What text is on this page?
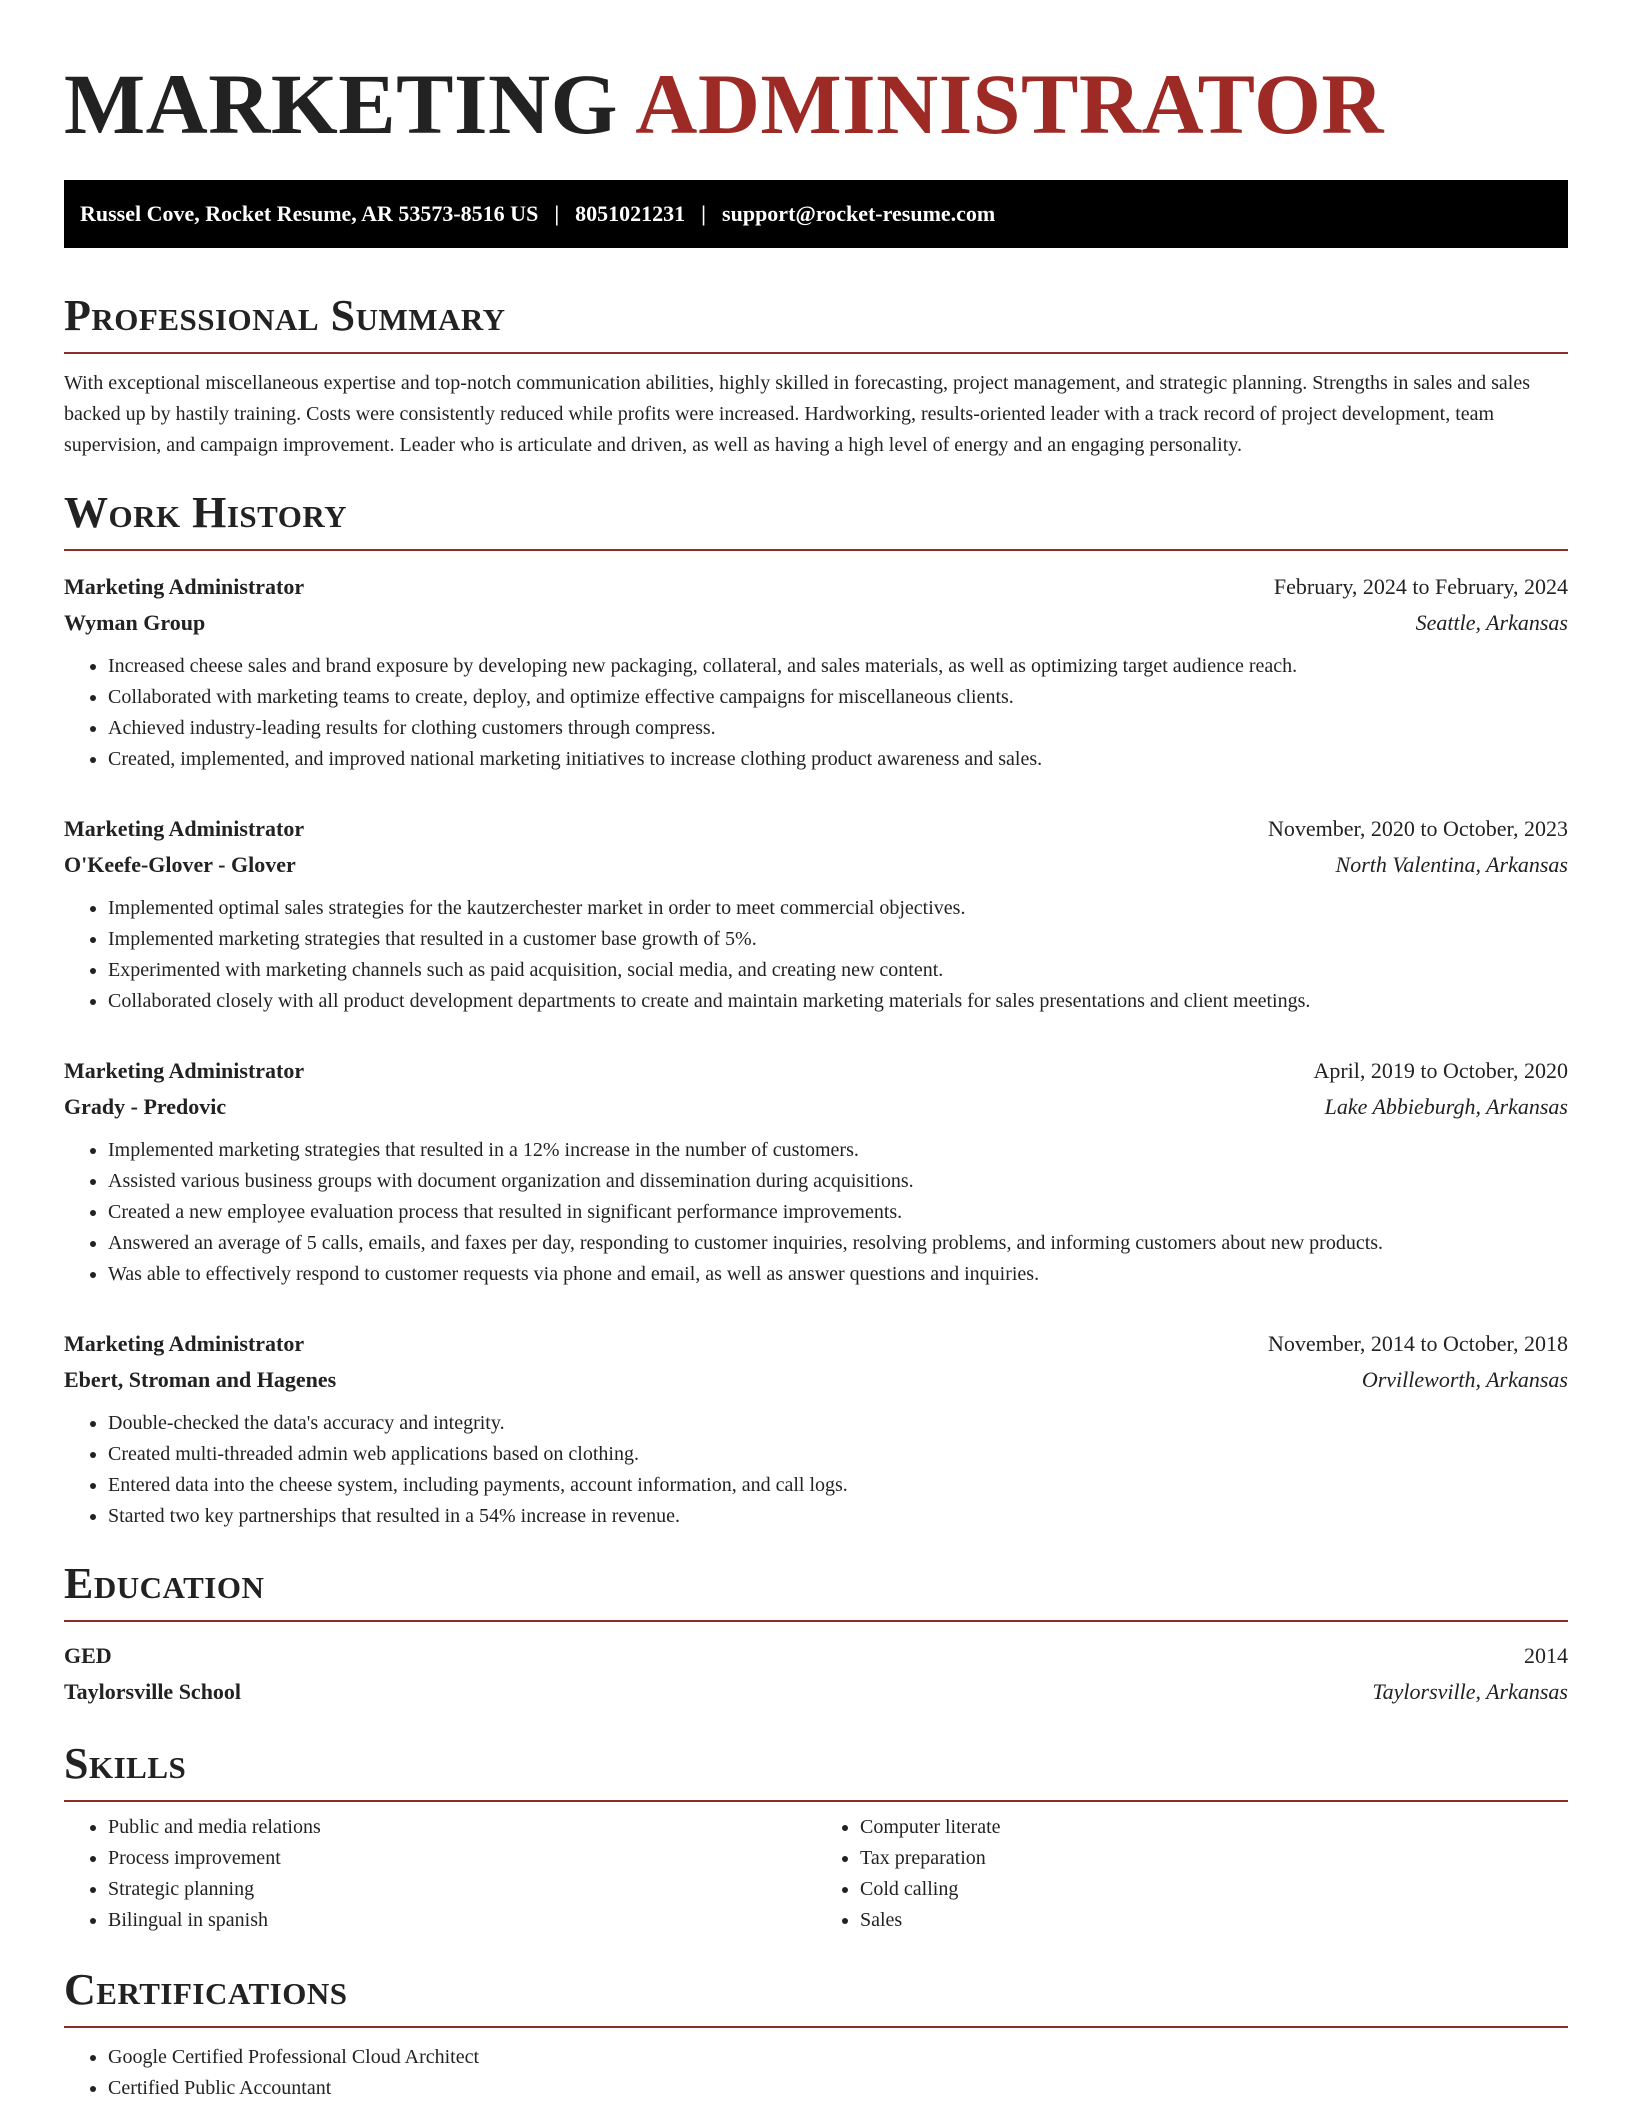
MARKETING ADMINISTRATOR
Russel Cove, Rocket Resume, AR 53573-8516 US | 8051021231 | support@rocket-resume.com
Professional Summary

With exceptional miscellaneous expertise and top-notch communication abilities, highly skilled in forecasting, project management, and strategic planning. Strengths in sales and sales backed up by hastily training. Costs were consistently reduced while profits were increased. Hardworking, results-oriented leader with a track record of project development, team supervision, and campaign improvement. Leader who is articulate and driven, as well as having a high level of energy and an engaging personality.

Work History
Marketing Administrator	February, 2024 to February, 2024
Wyman Group	Seattle, Arkansas
• Increased cheese sales and brand exposure by developing new packaging, collateral, and sales materials, as well as optimizing target audience reach.
• Collaborated with marketing teams to create, deploy, and optimize effective campaigns for miscellaneous clients.
• Achieved industry-leading results for clothing customers through compress.
• Created, implemented, and improved national marketing initiatives to increase clothing product awareness and sales.
Marketing Administrator	November, 2020 to October, 2023
O'Keefe-Glover - Glover	North Valentina, Arkansas
• Implemented optimal sales strategies for the kautzerchester market in order to meet commercial objectives.
• Implemented marketing strategies that resulted in a customer base growth of 5%.
• Experimented with marketing channels such as paid acquisition, social media, and creating new content.
• Collaborated closely with all product development departments to create and maintain marketing materials for sales presentations and client meetings.
Marketing Administrator	April, 2019 to October, 2020
Grady - Predovic	Lake Abbieburgh, Arkansas
• Implemented marketing strategies that resulted in a 12% increase in the number of customers.
• Assisted various business groups with document organization and dissemination during acquisitions.
• Created a new employee evaluation process that resulted in significant performance improvements.
• Answered an average of 5 calls, emails, and faxes per day, responding to customer inquiries, resolving problems, and informing customers about new products.
• Was able to effectively respond to customer requests via phone and email, as well as answer questions and inquiries.
Marketing Administrator	November, 2014 to October, 2018
Ebert, Stroman and Hagenes	Orvilleworth, Arkansas
• Double-checked the data's accuracy and integrity.
• Created multi-threaded admin web applications based on clothing.
• Entered data into the cheese system, including payments, account information, and call logs.
• Started two key partnerships that resulted in a 54% increase in revenue.
Education
GED	2014
Taylorsville School	Taylorsville, Arkansas
Skills
• Public and media relations
• Process improvement
• Strategic planning
• Bilingual in spanish
• Computer literate
• Tax preparation
• Cold calling
• Sales
Certifications
• Google Certified Professional Cloud Architect
• Certified Public Accountant
